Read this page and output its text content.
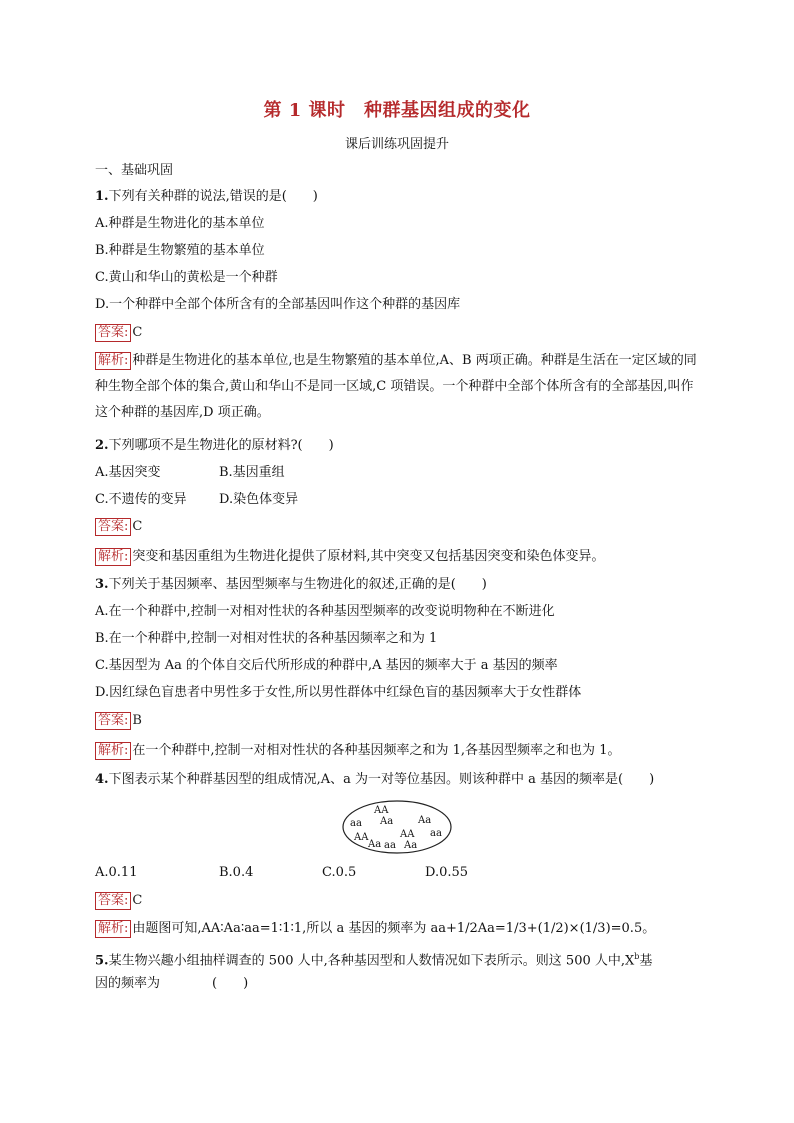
第 1 课时　种群基因组成的变化
课后训练巩固提升
一、基础巩固
1.下列有关种群的说法,错误的是(　　)
A.种群是生物进化的基本单位
B.种群是生物繁殖的基本单位
C.黄山和华山的黄松是一个种群
D.一个种群中全部个体所含有的全部基因叫作这个种群的基因库
答案: C
解析: 种群是生物进化的基本单位,也是生物繁殖的基本单位,A、B 两项正确。种群是生活在一定区域的同种生物全部个体的集合,黄山和华山不是同一区域,C 项错误。一个种群中全部个体所含有的全部基因,叫作这个种群的基因库,D 项正确。
2.下列哪项不是生物进化的原材料?(　　)
A.基因突变	B.基因重组
C.不遗传的变异 D.染色体变异
答案: C
解析: 突变和基因重组为生物进化提供了原材料,其中突变又包括基因突变和染色体变异。
3.下列关于基因频率、基因型频率与生物进化的叙述,正确的是(　　)
A.在一个种群中,控制一对相对性状的各种基因型频率的改变说明物种在不断进化
B.在一个种群中,控制一对相对性状的各种基因频率之和为 1
C.基因型为 Aa 的个体自交后代所形成的种群中,A 基因的频率大于 a 基因的频率
D.因红绿色盲患者中男性多于女性,所以男性群体中红绿色盲的基因频率大于女性群体
答案: B
解析: 在一个种群中,控制一对相对性状的各种基因频率之和为 1,各基因型频率之和也为 1。
4.下图表示某个种群基因型的组成情况,A、a 为一对等位基因。则该种群中 a 基因的频率是(　　)
AA
aa Aa Aa
aa
AA	AA
Aa aa Aa
A.0.11	B.0.4	C.0.5	D.0.55
答案: C
解析: 由题图可知,AA∶Aa∶aa=1∶1∶1,所以 a 基因的频率为 aa+1/2Aa=1/3+(1/2)×(1/3)=0.5。
5.某生物兴趣小组抽样调查的 500 人中,各种基因型和人数情况如下表所示。则这 500 人中$,X^b$基
因的频率为　　　　(　　)
